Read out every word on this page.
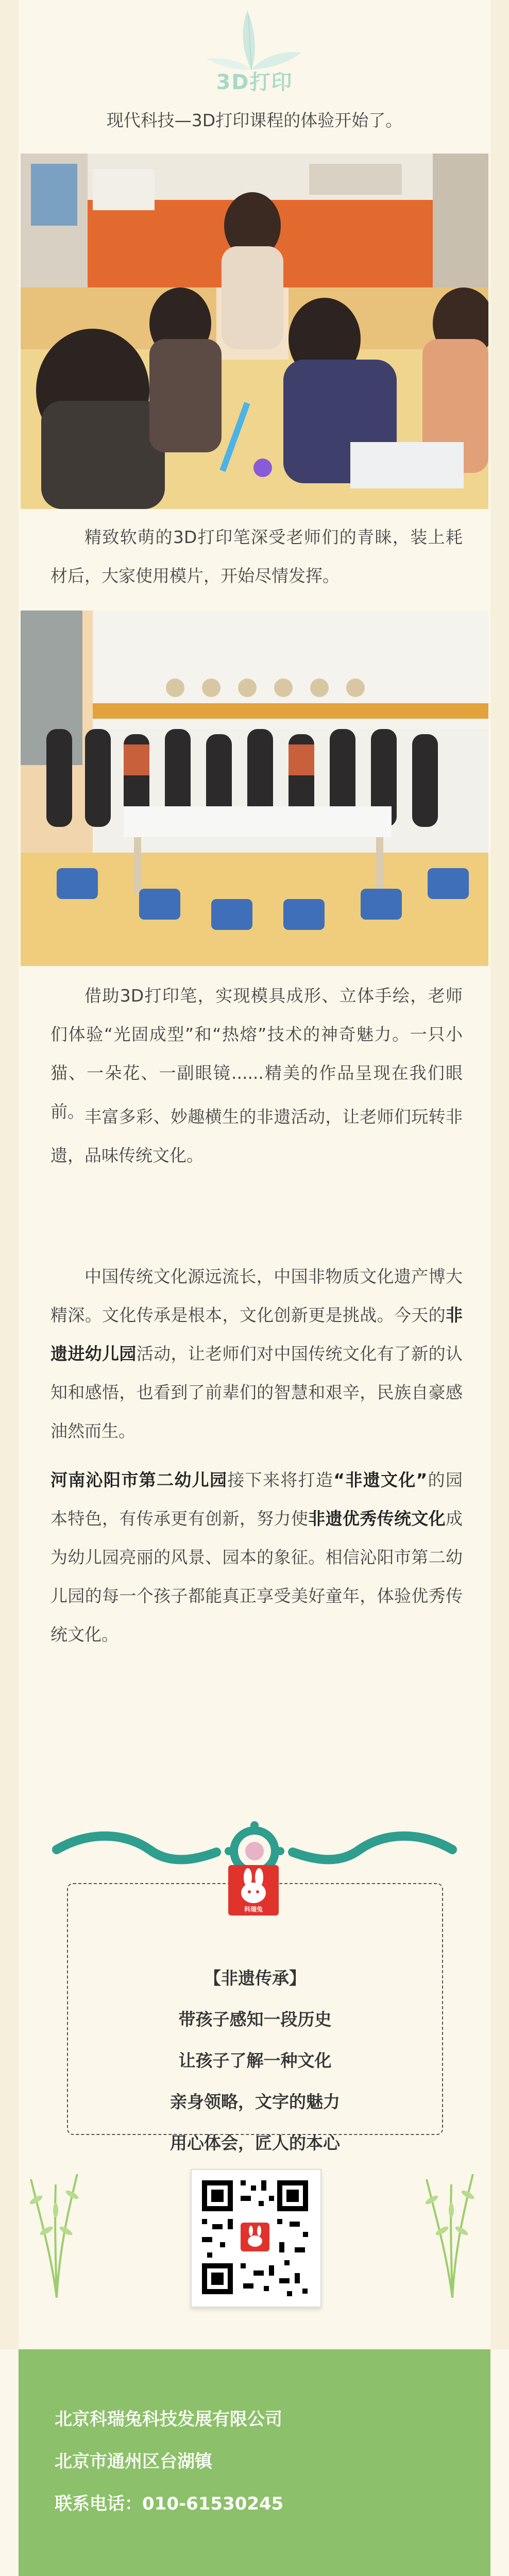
3D打印
现代科技—3D打印课程的体验开始了。
精致软萌的3D打印笔深受老师们的青睐，装上耗材后，大家使用模片，开始尽情发挥。
借助3D打印笔，实现模具成形、立体手绘，老师们体验“光固成型”和“热熔”技术的神奇魅力。一只小猫、一朵花、一副眼镜......精美的作品呈现在我们眼前。 丰富多彩、妙趣横生的非遗活动，让老师们玩转非遗，品味传统文化。
中国传统文化源远流长，中国非物质文化遗产博大精深。文化传承是根本，文化创新更是挑战。今天的非遗进幼儿园活动，让老师们对中国传统文化有了新的认知和感悟，也看到了前辈们的智慧和艰辛，民族自豪感油然而生。
河南沁阳市第二幼儿园接下来将打造“非遗文化”的园本特色，有传承更有创新，努力使非遗优秀传统文化成为幼儿园亮丽的风景、园本的象征。相信沁阳市第二幼儿园的每一个孩子都能真正享受美好童年，体验优秀传统文化。
科瑞兔
【非遗传承】
带孩子感知一段历史
让孩子了解一种文化
亲身领略，文字的魅力
用心体会，匠人的本心
北京科瑞兔科技发展有限公司
北京市通州区台湖镇
联系电话：010-61530245
